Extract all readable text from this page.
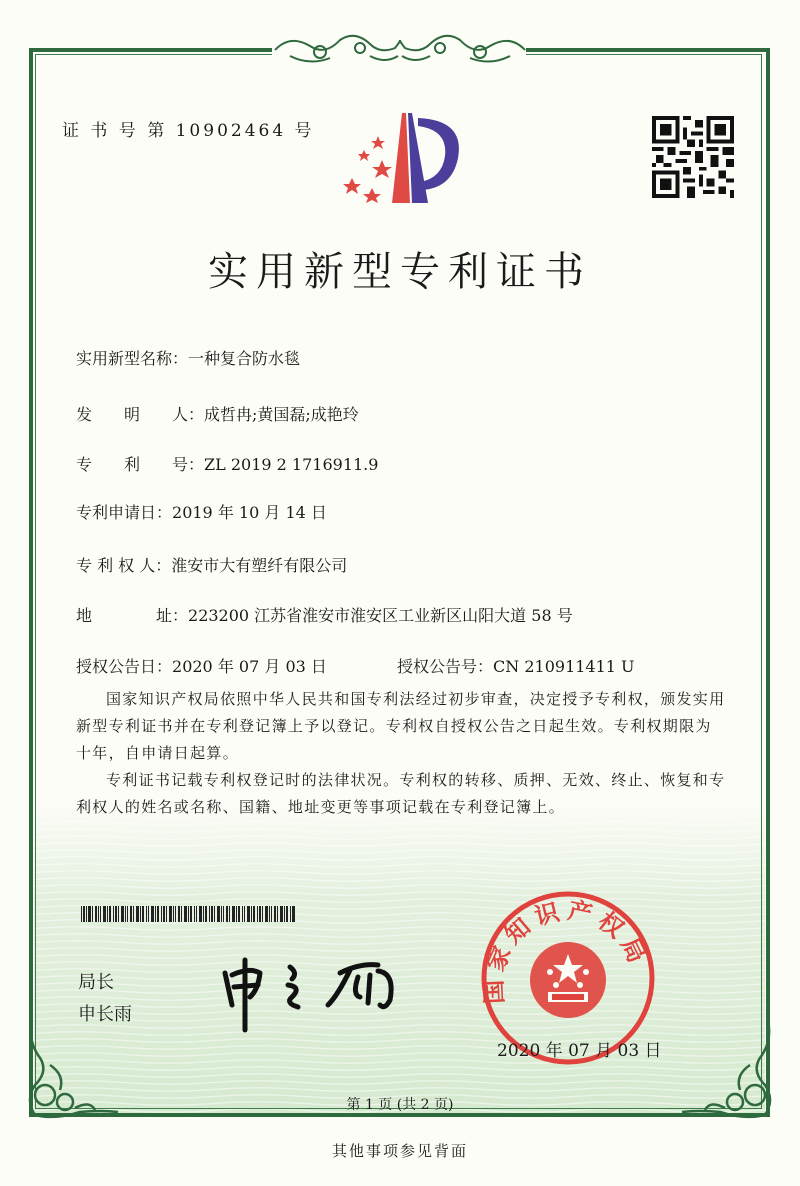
证 书 号 第 10902464 号
实用新型专利证书
实用新型名称：一种复合防水毯
发　　明　　人：成哲冉;黄国磊;成艳玲
专　　利　　号：ZL 2019 2 1716911.9
专利申请日：2019 年 10 月 14 日
专 利 权 人：淮安市大有塑纤有限公司
地　　　　址：223200 江苏省淮安市淮安区工业新区山阳大道 58 号
授权公告日：2020 年 07 月 03 日	授权公告号：CN 210911411 U

国家知识产权局依照中华人民共和国专利法经过初步审查，决定授予专利权，颁发实用新型专利证书并在专利登记簿上予以登记。专利权自授权公告之日起生效。专利权期限为十年，自申请日起算。

专利证书记载专利权登记时的法律状况。专利权的转移、质押、无效、终止、恢复和专利权人的姓名或名称、国籍、地址变更等事项记载在专利登记簿上。

局长
申长雨
国家知识产权局
2020 年 07 月 03 日
第 1 页 (共 2 页)
其他事项参见背面
